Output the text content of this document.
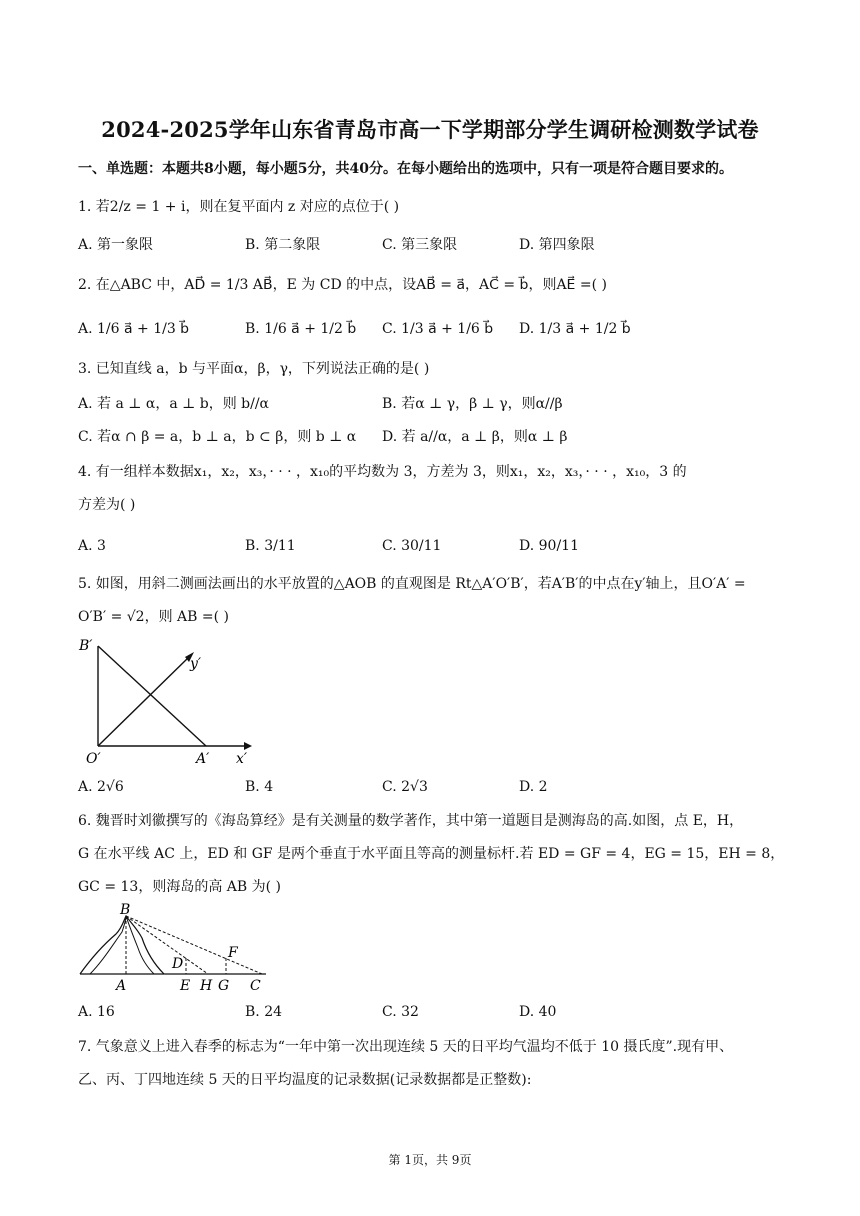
2024-2025学年山东省青岛市高一下学期部分学生调研检测数学试卷
一、单选题：本题共8小题，每小题5分，共40分。在每小题给出的选项中，只有一项是符合题目要求的。
1. 若2/z = 1 + i，则在复平面内 z 对应的点位于( )
A. 第一象限	B. 第二象限	C. 第三象限	D. 第四象限
2. 在△ABC 中，AD⃗ = 1/3 AB⃗，E 为 CD 的中点，设AB⃗ = a⃗，AC⃗ = b⃗，则AE⃗ =( )
A. 1/6 a⃗ + 1/3 b⃗	B. 1/6 a⃗ + 1/2 b⃗ C. 1/3 a⃗ + 1/6 b⃗ D. 1/3 a⃗ + 1/2 b⃗
3. 已知直线 a，b 与平面α，β，γ，下列说法正确的是( )
A. 若 a ⊥ α，a ⊥ b，则 b//α	B. 若α ⊥ γ，β ⊥ γ，则α//β
C. 若α ∩ β = a，b ⊥ a，b ⊂ β，则 b ⊥ α D. 若 a//α，a ⊥ β，则α ⊥ β
4. 有一组样本数据x₁，x₂，x₃，· · · ，x₁₀的平均数为 3，方差为 3，则x₁，x₂，x₃，· · · ，x₁₀，3 的
方差为( )
A. 3	B. 3/11	C. 30/11	D. 90/11
5. 如图，用斜二测画法画出的水平放置的△AOB 的直观图是 Rt△A′O′B′，若A′B′的中点在y′轴上，且O′A′ =
O′B′ = √2，则 AB =( )
B′
y′
O′	A′ x′
A. 2√6	B. 4	C. 2√3	D. 2
6. 魏晋时刘徽撰写的《海岛算经》是有关测量的数学著作，其中第一道题目是测海岛的高.如图，点 E，H，
G 在水平线 AC 上，ED 和 GF 是两个垂直于水平面且等高的测量标杆.若 ED = GF = 4，EG = 15，EH = 8，
GC = 13，则海岛的高 AB 为( )
B
F
D
A	E H G C
A. 16	B. 24	C. 32	D. 40
7. 气象意义上进入春季的标志为“一年中第一次出现连续 5 天的日平均气温均不低于 10 摄氏度”.现有甲、
乙、丙、丁四地连续 5 天的日平均温度的记录数据(记录数据都是正整数):
第 1页，共 9页
